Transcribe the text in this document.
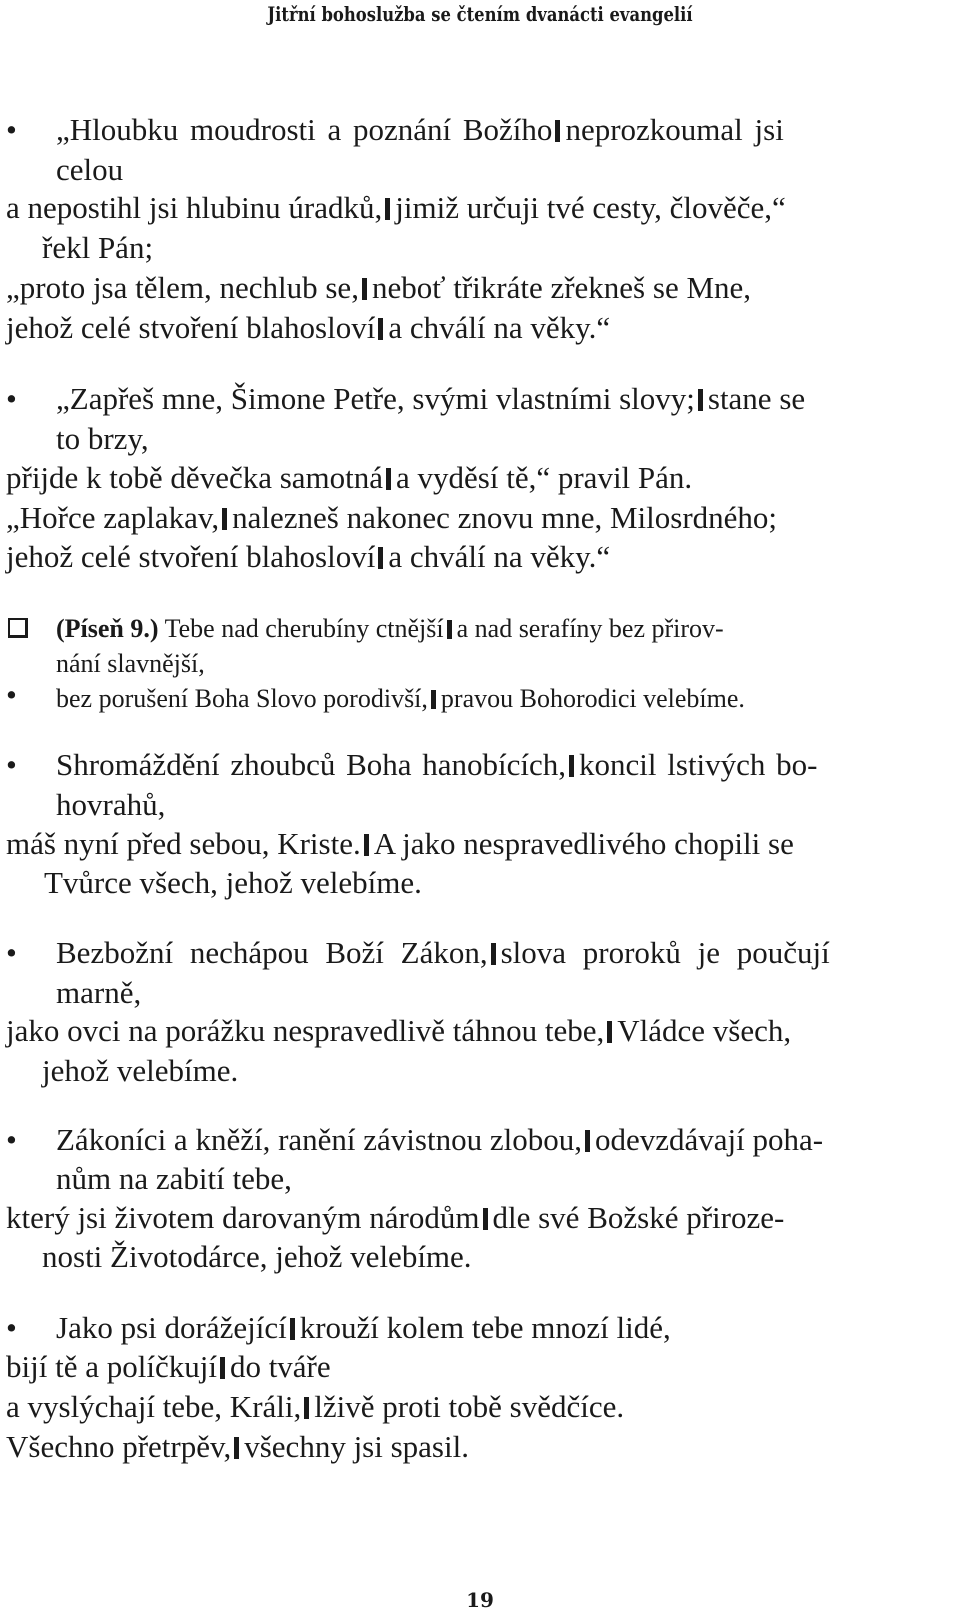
Jitřní bohoslužba se čtením dvanácti evangelií
• „Hloubku moudrosti a poznání Božího neprozkoumal jsi
celou
a nepostihl jsi hlubinu úradků, jimiž určuji tvé cesty, člověče,“
řekl Pán;
„proto jsa tělem, nechlub se, neboť třikráte zřekneš se Mne,
jehož celé stvoření blahosloví a chválí na věky.“
• „Zapřeš mne, Šimone Petře, svými vlastními slovy; stane se
to brzy,
přijde k tobě děvečka samotná a vyděsí tě,“ pravil Pán.
„Hořce zaplakav, nalezneš nakonec znovu mne, Milosrdného;
jehož celé stvoření blahosloví a chválí na věky.“
(Píseň 9.) Tebe nad cherubíny ctnější a nad serafíny bez přirov-
nání slavnější,
• bez porušení Boha Slovo porodivší, pravou Bohorodici velebíme.
• Shromáždění zhoubců Boha hanobících, koncil lstivých bo-
hovrahů,
máš nyní před sebou, Kriste. A jako nespravedlivého chopili se
Tvůrce všech, jehož velebíme.
• Bezbožní nechápou Boží Zákon, slova proroků je poučují
marně,
jako ovci na porážku nespravedlivě táhnou tebe, Vládce všech,
jehož velebíme.
• Zákoníci a kněží, ranění závistnou zlobou, odevzdávají poha-
nům na zabití tebe,
který jsi životem darovaným národům dle své Božské přiroze-
nosti Životodárce, jehož velebíme.
• Jako psi dorážející krouží kolem tebe mnozí lidé,
bijí tě a políčkují do tváře
a vyslýchají tebe, Králi, lživě proti tobě svědčíce.
Všechno přetrpěv, všechny jsi spasil.
19
